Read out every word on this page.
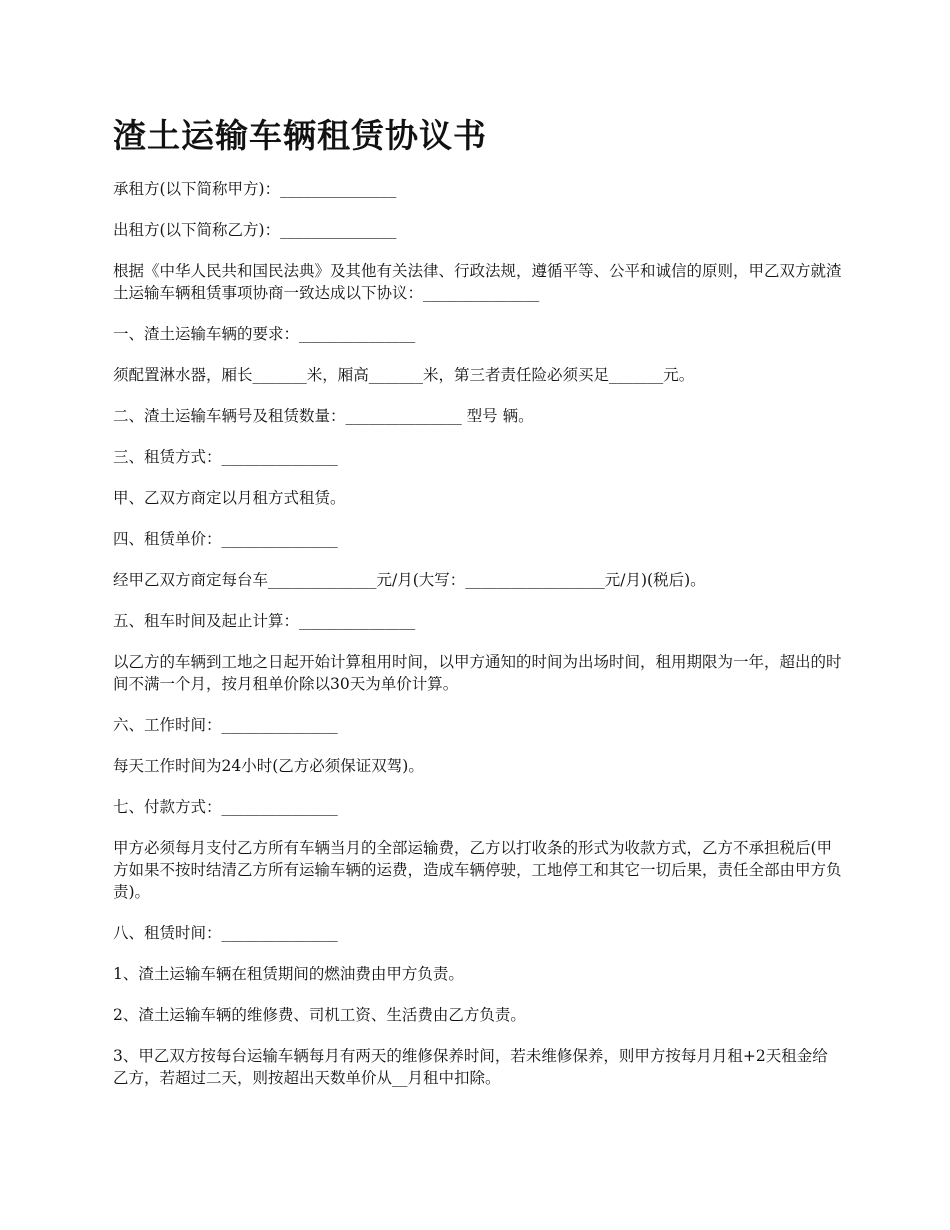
渣土运输车辆租赁协议书

承租方(以下简称甲方)：_______________

出租方(以下简称乙方)：_______________

根据《中华人民共和国民法典》及其他有关法律、行政法规，遵循平等、公平和诚信的原则，甲乙双方就渣土运输车辆租赁事项协商一致达成以下协议：_______________

一、渣土运输车辆的要求：_______________

须配置淋水器，厢长_______米，厢高_______米，第三者责任险必须买足_______元。

二、渣土运输车辆号及租赁数量：_______________ 型号 辆。

三、租赁方式：_______________

甲、乙双方商定以月租方式租赁。

四、租赁单价：_______________

经甲乙双方商定每台车______________元/月(大写：__________________元/月)(税后)。

五、租车时间及起止计算：_______________

以乙方的车辆到工地之日起开始计算租用时间，以甲方通知的时间为出场时间，租用期限为一年，超出的时间不满一个月，按月租单价除以30天为单价计算。

六、工作时间：_______________

每天工作时间为24小时(乙方必须保证双驾)。

七、付款方式：_______________

甲方必须每月支付乙方所有车辆当月的全部运输费，乙方以打收条的形式为收款方式，乙方不承担税后(甲方如果不按时结清乙方所有运输车辆的运费，造成车辆停驶，工地停工和其它一切后果，责任全部由甲方负责)。

八、租赁时间：_______________

1、渣土运输车辆在租赁期间的燃油费由甲方负责。

2、渣土运输车辆的维修费、司机工资、生活费由乙方负责。

3、甲乙双方按每台运输车辆每月有两天的维修保养时间，若未维修保养，则甲方按每月月租+2天租金给乙方，若超过二天，则按超出天数单价从__月租中扣除。
